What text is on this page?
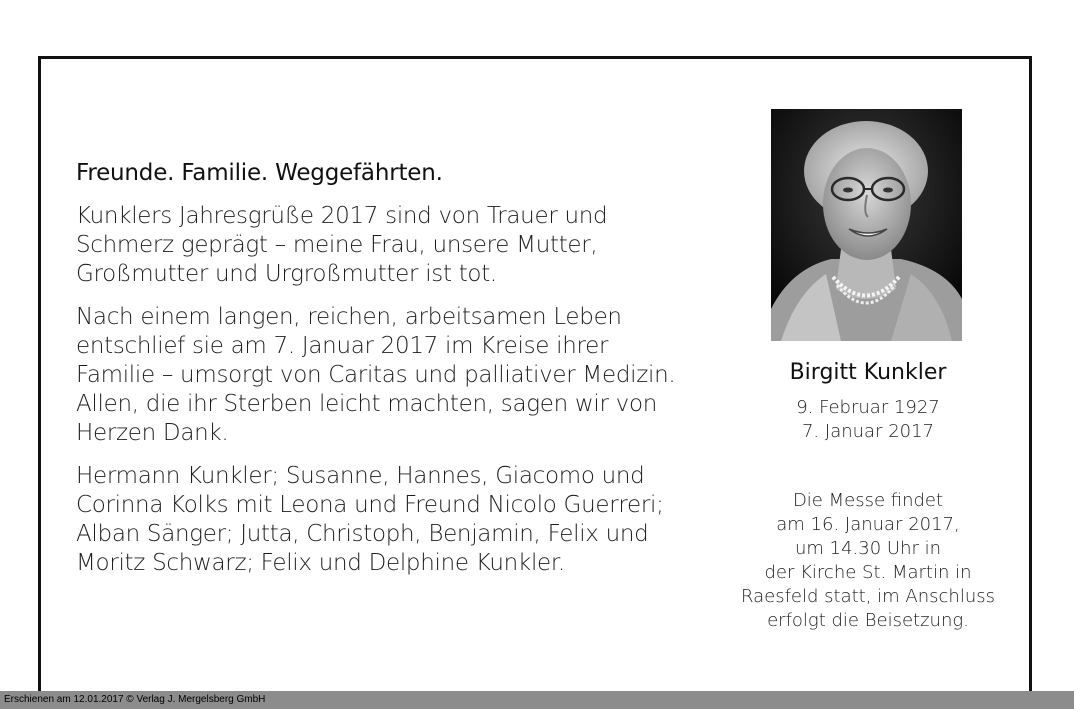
Freunde. Familie. Weggefährten.

Kunklers Jahresgrüße 2017 sind von Trauer und
Schmerz geprägt – meine Frau, unsere Mutter,
Großmutter und Urgroßmutter ist tot.

Nach einem langen, reichen, arbeitsamen Leben
entschlief sie am 7. Januar 2017 im Kreise ihrer
Familie – umsorgt von Caritas und palliativer Medizin.
Allen, die ihr Sterben leicht machten, sagen wir von
Herzen Dank.

Hermann Kunkler; Susanne, Hannes, Giacomo und
Corinna Kolks mit Leona und Freund Nicolo Guerreri;
Alban Sänger; Jutta, Christoph, Benjamin, Felix und
Moritz Schwarz; Felix und Delphine Kunkler.

Birgitt Kunkler
9. Februar 1927
7. Januar 2017
Die Messe findet
am 16. Januar 2017,
um 14.30 Uhr in
der Kirche St. Martin in
Raesfeld statt, im Anschluss
erfolgt die Beisetzung.
Erschienen am 12.01.2017 © Verlag J. Mergelsberg GmbH
